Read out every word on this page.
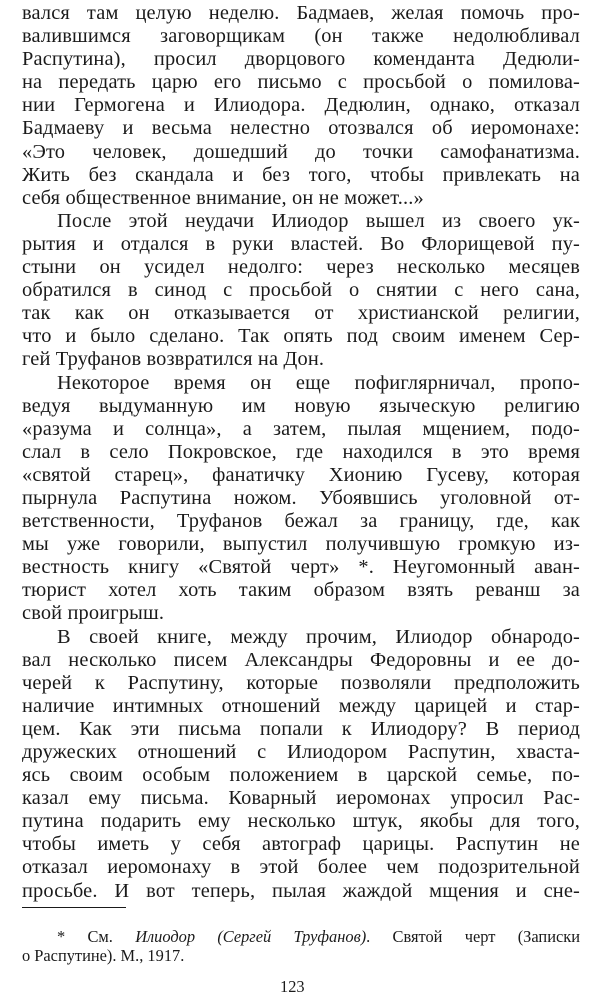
вался там целую неделю. Бадмаев, желая помочь про-
валившимся заговорщикам (он также недолюбливал
Распутина), просил дворцового коменданта Дедюли-
на передать царю его письмо с просьбой о помилова-
нии Гермогена и Илиодора. Дедюлин, однако, отказал
Бадмаеву и весьма нелестно отозвался об иеромонахе:
«Это человек, дошедший до точки самофанатизма.
Жить без скандала и без того, чтобы привлекать на
себя общественное внимание, он не может...»
После этой неудачи Илиодор вышел из своего ук-
рытия и отдался в руки властей. Во Флорищевой пу-
стыни он усидел недолго: через несколько месяцев
обратился в синод с просьбой о снятии с него сана,
так как он отказывается от христианской религии,
что и было сделано. Так опять под своим именем Сер-
гей Труфанов возвратился на Дон.
Некоторое время он еще пофиглярничал, пропо-
ведуя выдуманную им новую языческую религию
«разума и солнца», а затем, пылая мщением, подо-
слал в село Покровское, где находился в это время
«святой старец», фанатичку Хионию Гусеву, которая
пырнула Распутина ножом. Убоявшись уголовной от-
ветственности, Труфанов бежал за границу, где, как
мы уже говорили, выпустил получившую громкую из-
вестность книгу «Святой черт» *. Неугомонный аван-
тюрист хотел хоть таким образом взять реванш за
свой проигрыш.
В своей книге, между прочим, Илиодор обнародо-
вал несколько писем Александры Федоровны и ее до-
черей к Распутину, которые позволяли предположить
наличие интимных отношений между царицей и стар-
цем. Как эти письма попали к Илиодору? В период
дружеских отношений с Илиодором Распутин, хваста-
ясь своим особым положением в царской семье, по-
казал ему письма. Коварный иеромонах упросил Рас-
путина подарить ему несколько штук, якобы для того,
чтобы иметь у себя автограф царицы. Распутин не
отказал иеромонаху в этой более чем подозрительной
просьбе. И вот теперь, пылая жаждой мщения и сне-
* См. Илиодор (Сергей Труфанов). Святой черт (Записки
о Распутине). М., 1917.
123
